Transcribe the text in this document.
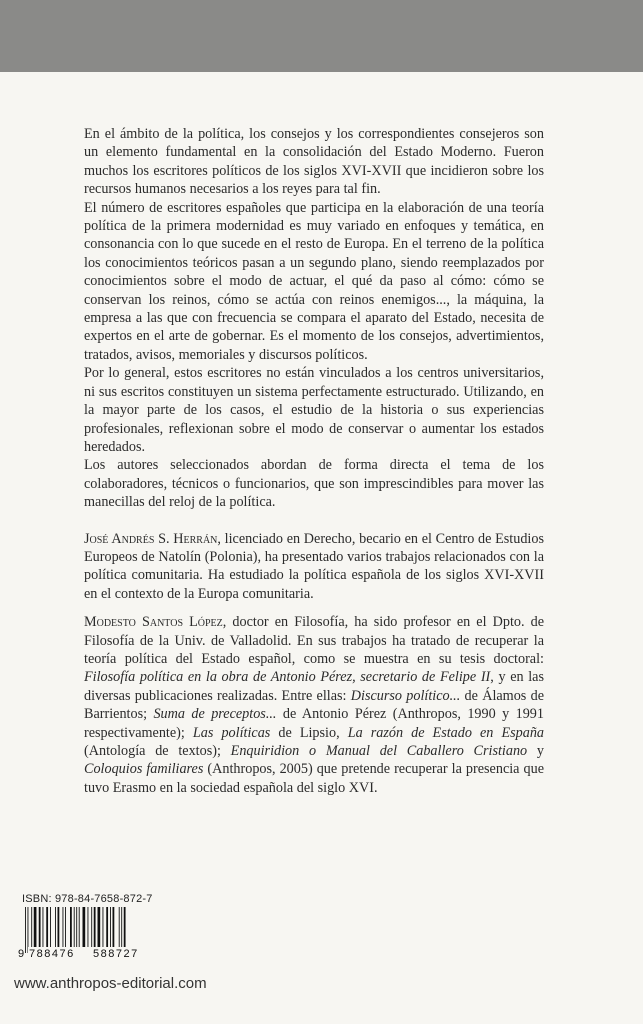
En el ámbito de la política, los consejos y los correspondientes consejeros son un elemento fundamental en la consolidación del Estado Moderno. Fueron muchos los escritores políticos de los siglos XVI-XVII que incidieron sobre los recursos humanos necesarios a los reyes para tal fin.

El número de escritores españoles que participa en la elaboración de una teoría política de la primera modernidad es muy variado en enfoques y temática, en consonancia con lo que sucede en el resto de Europa. En el terreno de la política los conocimientos teóricos pasan a un segundo plano, siendo reemplazados por conocimientos sobre el modo de actuar, el qué da paso al cómo: cómo se conservan los reinos, cómo se actúa con reinos enemigos..., la máquina, la empresa a las que con frecuencia se compara el aparato del Estado, necesita de expertos en el arte de gobernar. Es el momento de los consejos, advertimientos, tratados, avisos, memoriales y discursos políticos.

Por lo general, estos escritores no están vinculados a los centros universitarios, ni sus escritos constituyen un sistema perfectamente estructurado. Utilizando, en la mayor parte de los casos, el estudio de la historia o sus experiencias profesionales, reflexionan sobre el modo de conservar o aumentar los estados heredados.

Los autores seleccionados abordan de forma directa el tema de los colaboradores, técnicos o funcionarios, que son imprescindibles para mover las manecillas del reloj de la política.

José Andrés S. Herrán, licenciado en Derecho, becario en el Centro de Estudios Europeos de Natolín (Polonia), ha presentado varios trabajos relacionados con la política comunitaria. Ha estudiado la política española de los siglos XVI-XVII en el contexto de la Europa comunitaria.

Modesto Santos López, doctor en Filosofía, ha sido profesor en el Dpto. de Filosofía de la Univ. de Valladolid. En sus trabajos ha tratado de recuperar la teoría política del Estado español, como se muestra en su tesis doctoral: Filosofía política en la obra de Antonio Pérez, secretario de Felipe II, y en las diversas publicaciones realizadas. Entre ellas: Discurso político... de Álamos de Barrientos; Suma de preceptos... de Antonio Pérez (Anthropos, 1990 y 1991 respectivamente); Las políticas de Lipsio, La razón de Estado en España (Antología de textos); Enquiridion o Manual del Caballero Cristiano y Coloquios familiares (Anthropos, 2005) que pretende recuperar la presencia que tuvo Erasmo en la sociedad española del siglo XVI.

ISBN: 978-84-7658-872-7
9 788476 588727
www.anthropos-editorial.com
